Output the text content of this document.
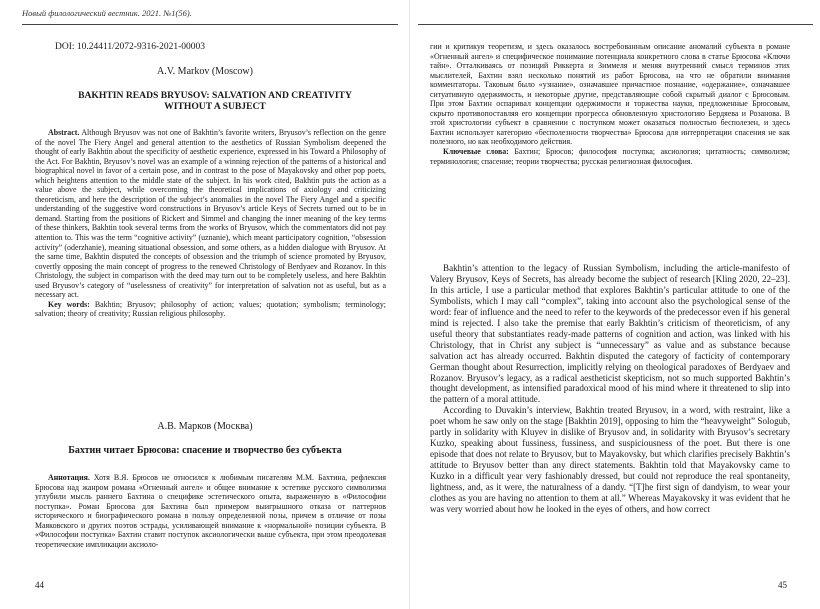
Новый филологический вестник. 2021. №1(56).
DOI: 10.24411/2072-9316-2021-00003
A.V. Markov (Moscow)
BAKHTIN READS BRYUSOV: SALVATION AND CREATIVITY
WITHOUT A SUBJECT

Abstract. Although Bryusov was not one of Bakhtin’s favorite writers, Bryusov’s reflection on the genre of the novel The Fiery Angel and general attention to the aesthetics of Russian Symbolism deepened the thought of early Bakhtin about the specificity of aesthetic experience, expressed in his Toward a Philosophy of the Act. For Bakhtin, Bryusov’s novel was an example of a winning rejection of the patterns of a historical and biographical novel in favor of a certain pose, and in contrast to the pose of Mayakovsky and other pop poets, which heightens attention to the middle state of the subject. In his work cited, Bakhtin puts the action as a value above the subject, while overcoming the theoretical implications of axiology and criticizing theoreticism, and here the description of the subject’s anomalies in the novel The Fiery Angel and a specific understanding of the suggestive word constructions in Bryusov’s article Keys of Secrets turned out to be in demand. Starting from the positions of Rickert and Simmel and changing the inner meaning of the key terms of these thinkers, Bakhtin took several terms from the works of Bryusov, which the commentators did not pay attention to. This was the term “cognitive activity” (uznanie), which meant participatory cognition, “obsession activity” (oderzhanie), meaning situational obsession, and some others, as a hidden dialogue with Bryusov. At the same time, Bakhtin disputed the concepts of obsession and the triumph of science promoted by Bryusov, covertly opposing the main concept of progress to the renewed Christology of Berdyaev and Rozanov. In this Christology, the subject in comparison with the deed may turn out to be completely useless, and here Bakhtin used Bryusov’s category of “uselessness of creativity” for interpretation of salvation not as useful, but as a necessary act.

Key words: Bakhtin; Bryusov; philosophy of action; values; quotation; symbolism; terminology; salvation; theory of creativity; Russian religious philosophy.

А.В. Марков (Москва)
Бахтин читает Брюсова: спасение и творчество без субъекта

Аннотация. Хотя В.Я. Брюсов не относился к любимым писателям М.М. Бахтина, рефлексия Брюсова над жанром романа «Огненный ангел» и общее внимание к эстетике русского символизма углубили мысль раннего Бахтина о специфике эстетического опыта, выраженную в «Философии поступка». Роман Брюсова для Бахтина был примером выигрышного отказа от паттернов исторического и биографического романа в пользу определенной позы, причем в отличие от позы Маяковского и других поэтов эстрады, усиливающей внимание к «нормальной» позиции субъекта. В «Философии поступка» Бахтин ставит поступок аксиологически выше субъекта, при этом преодолевая теоретические импликации аксиоло-

44

гии и критикуя теоретизм, и здесь оказалось востребованным описание аномалий субъекта в романе «Огненный ангел» и специфическое понимание потенциала конкретного слова в статье Брюсова «Ключи тайн». Отталкиваясь от позиций Риккерта и Зиммеля и меняя внутренний смысл терминов этих мыслителей, Бахтин взял несколько понятий из работ Брюсова, на что не обратили внимания комментаторы. Таковым было «узнание», означавшее причастное познание, «одержание», означавшее ситуативную одержимость, и некоторые другие, представляющие собой скрытый диалог с Брюсовым. При этом Бахтин оспаривал концепции одержимости и торжества науки, предложенные Брюсовым, скрыто противопоставляя его концепции прогресса обновленную христологию Бердяева и Розанова. В этой христологии субъект в сравнении с поступком может оказаться полностью бесполезен, и здесь Бахтин использует категорию «бесполезности творчества» Брюсова для интерпретации спасения не как полезного, но как необходимого действия.

Ключевые слова: Бахтин; Брюсов; философия поступка; аксиология; цитатность; символизм; терминология; спасение; теории творчества; русская религиозная философия.

Bakhtin’s attention to the legacy of Russian Symbolism, including the article-manifesto of Valery Bryusov, Keys of Secrets, has already become the subject of research [Kling 2020, 22–23]. In this article, I use a particular method that explores Bakhtin’s particular attitude to one of the Symbolists, which I may call “complex”, taking into account also the psychological sense of the word: fear of influence and the need to refer to the keywords of the predecessor even if his general mind is rejected. I also take the premise that early Bakhtin’s criticism of theoreticism, of any useful theory that substantiates ready-made patterns of cognition and action, was linked with his Christology, that in Christ any subject is “unnecessary” as value and as substance because salvation act has already occurred. Bakhtin disputed the category of facticity of contemporary German thought about Resurrection, implicitly relying on theological paradoxes of Berdyaev and Rozanov. Bryusov’s legacy, as a radical aestheticist skepticism, not so much supported Bakhtin’s thought development, as intensified paradoxical mood of his mind where it threatened to slip into the pattern of a moral attitude.

According to Duvakin’s interview, Bakhtin treated Bryusov, in a word, with restraint, like a poet whom he saw only on the stage [Bakhtin 2019], opposing to him the “heavyweight” Sologub, partly in solidarity with Kluyev in dislike of Bryusov and, in solidarity with Bryusov’s secretary Kuzko, speaking about fussiness, fussiness, and suspiciousness of the poet. But there is one episode that does not relate to Bryusov, but to Mayakovsky, but which clarifies precisely Bakhtin’s attitude to Bryusov better than any direct statements. Bakhtin told that Mayakovsky came to Kuzko in a difficult year very fashionably dressed, but could not reproduce the real spontaneity, lightness, and, as it were, the naturalness of a dandy. “[T]he first sign of dandyism, to wear your clothes as you are having no attention to them at all.” Whereas Mayakovsky it was evident that he was very worried about how he looked in the eyes of others, and how correct

45
